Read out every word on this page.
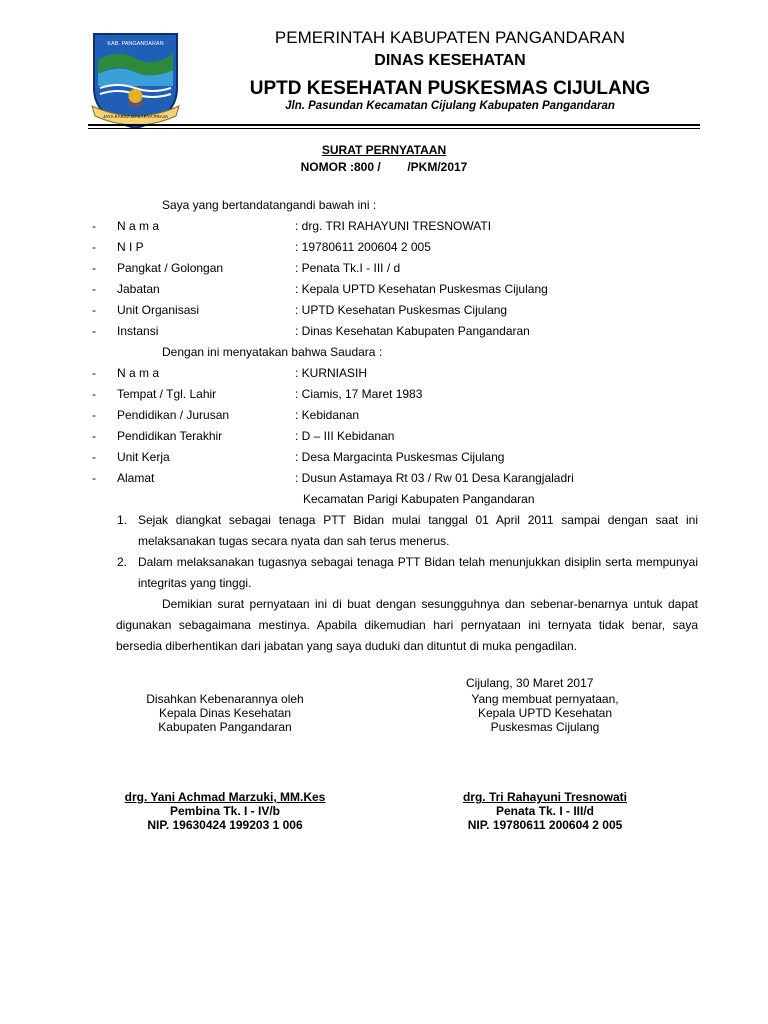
KAB. PANGANDARAN
JAYA KARSA MAKARYA PRAJA
PEMERINTAH KABUPATEN PANGANDARAN
DINAS KESEHATAN
UPTD KESEHATAN PUSKESMAS CIJULANG
Jln. Pasundan Kecamatan Cijulang Kabupaten Pangandaran
SURAT PERNYATAAN
NOMOR :800 /        /PKM/2017
Saya yang bertandatangandi bawah ini :
- N a m a	: drg. TRI RAHAYUNI TRESNOWATI
- N I P	: 19780611 200604 2 005
- Pangkat / Golongan	: Penata Tk.I - III / d
- Jabatan	: Kepala UPTD Kesehatan Puskesmas Cijulang
- Unit Organisasi	: UPTD Kesehatan Puskesmas Cijulang
- Instansi	: Dinas Kesehatan Kabupaten Pangandaran
Dengan ini menyatakan bahwa Saudara :
- N a m a	: KURNIASIH
- Tempat / Tgl. Lahir	: Ciamis, 17 Maret 1983
- Pendidikan / Jurusan	: Kebidanan
- Pendidikan Terakhir	: D – III Kebidanan
- Unit Kerja	: Desa Margacinta Puskesmas Cijulang
- Alamat	: Dusun Astamaya Rt 03 / Rw 01 Desa Karangjaladri
Kecamatan Parigi Kabupaten Pangandaran
1. Sejak diangkat sebagai tenaga PTT Bidan mulai tanggal 01 April 2011 sampai dengan saat ini melaksanakan tugas secara nyata dan sah terus menerus.
2. Dalam melaksanakan tugasnya sebagai tenaga PTT Bidan telah menunjukkan disiplin serta mempunyai integritas yang tinggi.
Demikian surat pernyataan ini di buat dengan sesungguhnya dan sebenar-benarnya untuk dapat digunakan sebagaimana mestinya. Apabila dikemudian hari pernyataan ini ternyata tidak benar, saya bersedia diberhentikan dari jabatan yang saya duduki dan dituntut di muka pengadilan.
Cijulang, 30 Maret 2017
Disahkan Kebenarannya oleh
Kepala Dinas Kesehatan
Kabupaten Pangandaran
drg. Yani Achmad Marzuki, MM.Kes
Pembina Tk. I - IV/b
NIP. 19630424 199203 1 006
Yang membuat pernyataan,
Kepala UPTD Kesehatan
Puskesmas Cijulang
drg. Tri Rahayuni Tresnowati
Penata Tk. I - III/d
NIP. 19780611 200604 2 005
